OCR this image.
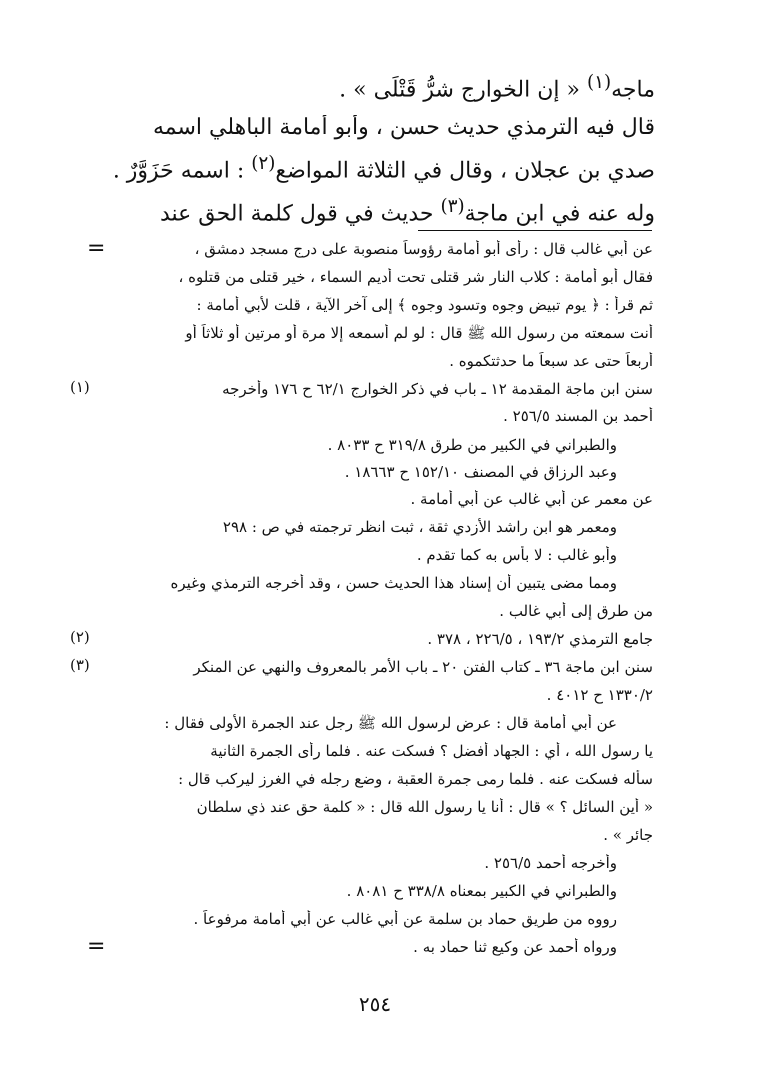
ماجه$^{(١)}$ « إن الخوارج شرُّ قَتْلَى » .
قال فيه الترمذي حديث حسن ، وأبو أمامة الباهلي اسمه
صدي بن عجلان ، وقال في الثلاثة المواضع$^{(٢)}$ : اسمه حَزَوَّرٌ .
وله عنه في ابن ماجة$^{(٣)}$ حديث في قول كلمة الحق عند
=	عن أبي غالب قال : رأى أبو أمامة رؤوساً منصوبة على درج مسجد دمشق ،
فقال أبو أمامة : كلاب النار شر قتلى تحت أديم السماء ، خير قتلى من قتلوه ،
ثم قرأ : ﴿ يوم تبيض وجوه وتسود وجوه ﴾ إلى آخر الآية ، قلت لأبي أمامة :
أنت سمعته من رسول الله ﷺ قال : لو لم أسمعه إلا مرة أو مرتين أو ثلاثاً أو
أربعاً حتى عد سبعاً ما حدثتكموه .
(١)	سنن ابن ماجة المقدمة ١٢ ـ باب في ذكر الخوارج ٦٢/١ ح ١٧٦ وأخرجه
أحمد بن المسند ٢٥٦/٥ .
والطبراني في الكبير من طرق ٣١٩/٨ ح ٨٠٣٣ .
وعبد الرزاق في المصنف ١٥٢/١٠ ح ١٨٦٦٣ .
عن معمر عن أبي غالب عن أبي أمامة .
ومعمر هو ابن راشد الأزدي ثقة ، ثبت انظر ترجمته في ص : ٢٩٨
وأبو غالب : لا بأس به كما تقدم .
ومما مضى يتبين أن إسناد هذا الحديث حسن ، وقد أخرجه الترمذي وغيره
من طرق إلى أبي غالب .
(٢)	جامع الترمذي ١٩٣/٢ ، ٢٢٦/٥ ، ٣٧٨ .
(٣)	سنن ابن ماجة ٣٦ ـ كتاب الفتن ٢٠ ـ باب الأمر بالمعروف والنهي عن المنكر
١٣٣٠/٢ ح ٤٠١٢ .
عن أبي أمامة قال : عرض لرسول الله ﷺ رجل عند الجمرة الأولى فقال :
يا رسول الله ، أي : الجهاد أفضل ؟ فسكت عنه . فلما رأى الجمرة الثانية
سأله فسكت عنه . فلما رمى جمرة العقبة ، وضع رجله في الغرز ليركب قال :
« أين السائل ؟ » قال : أنا يا رسول الله قال : « كلمة حق عند ذي سلطان
جائر » .
وأخرجه أحمد ٢٥٦/٥ .
والطبراني في الكبير بمعناه ٣٣٨/٨ ح ٨٠٨١ .
رووه من طريق حماد بن سلمة عن أبي غالب عن أبي أمامة مرفوعاً .
ورواه أحمد عن وكيع ثنا حماد به .
=
٢٥٤
